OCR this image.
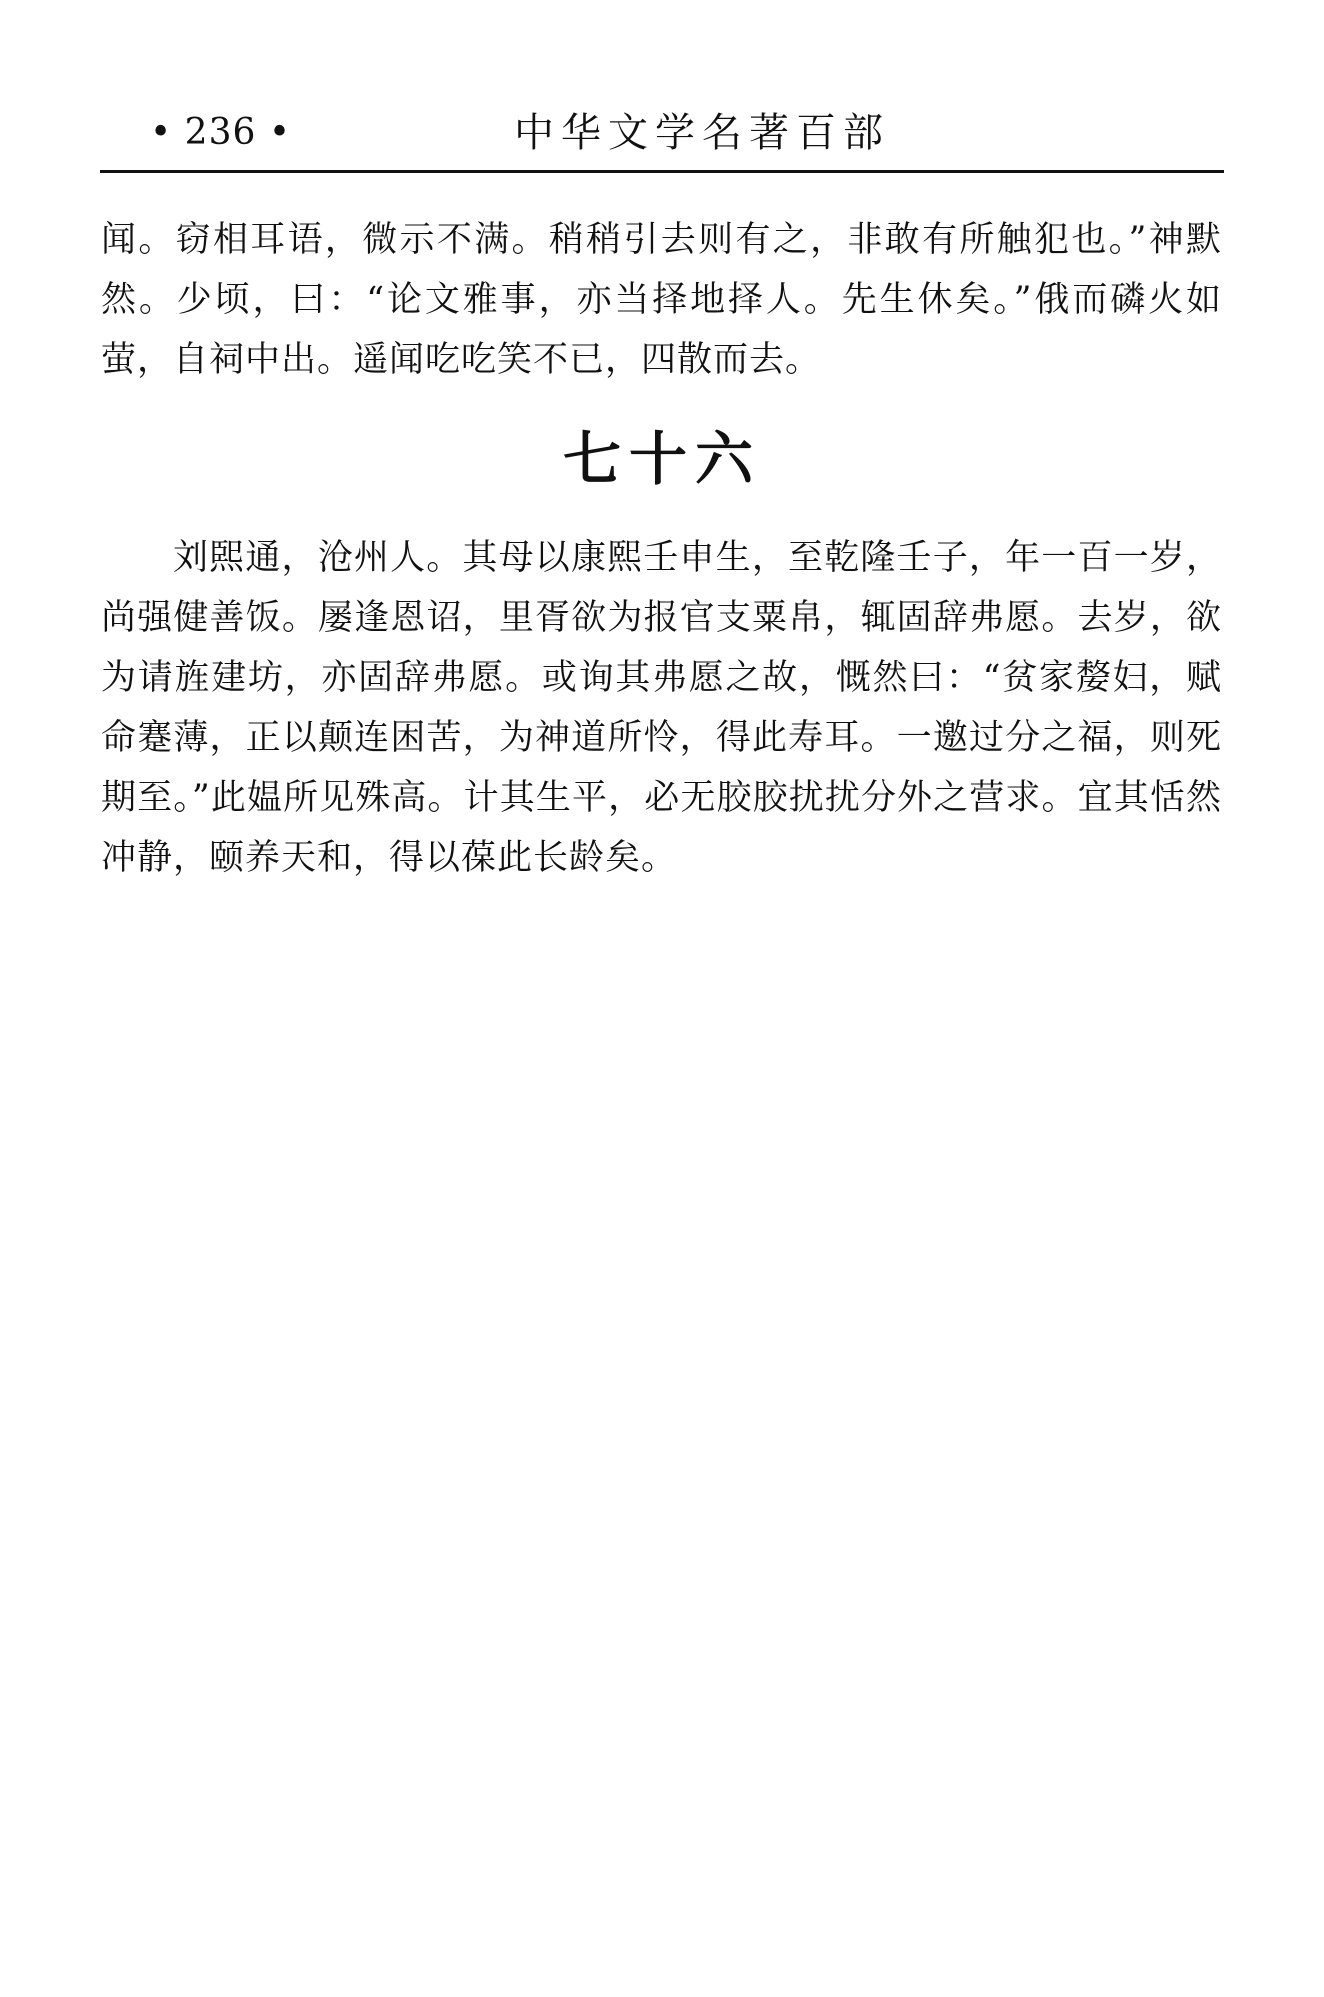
• 236 •	中华文学名著百部

闻。窃相耳语，微示不满。稍稍引去则有之，非敢有所触犯也。”神默然。少顷，曰：“论文雅事，亦当择地择人。先生休矣。”俄而磷火如萤，自祠中出。遥闻吃吃笑不已，四散而去。

七十六

刘𤋮通，沧州人。其母以康熙壬申生，至乾隆壬子，年一百一岁，尚强健善饭。屡逢恩诏，里胥欲为报官支粟帛，辄固辞弗愿。去岁，欲为请旌建坊，亦固辞弗愿。或询其弗愿之故，慨然曰：“贫家嫠妇，赋命蹇薄，正以颠连困苦，为神道所怜，得此寿耳。一邀过分之福，则死期至。”此媪所见殊高。计其生平，必无胶胶扰扰分外之营求。宜其恬然冲静，颐养天和，得以葆此长龄矣。
